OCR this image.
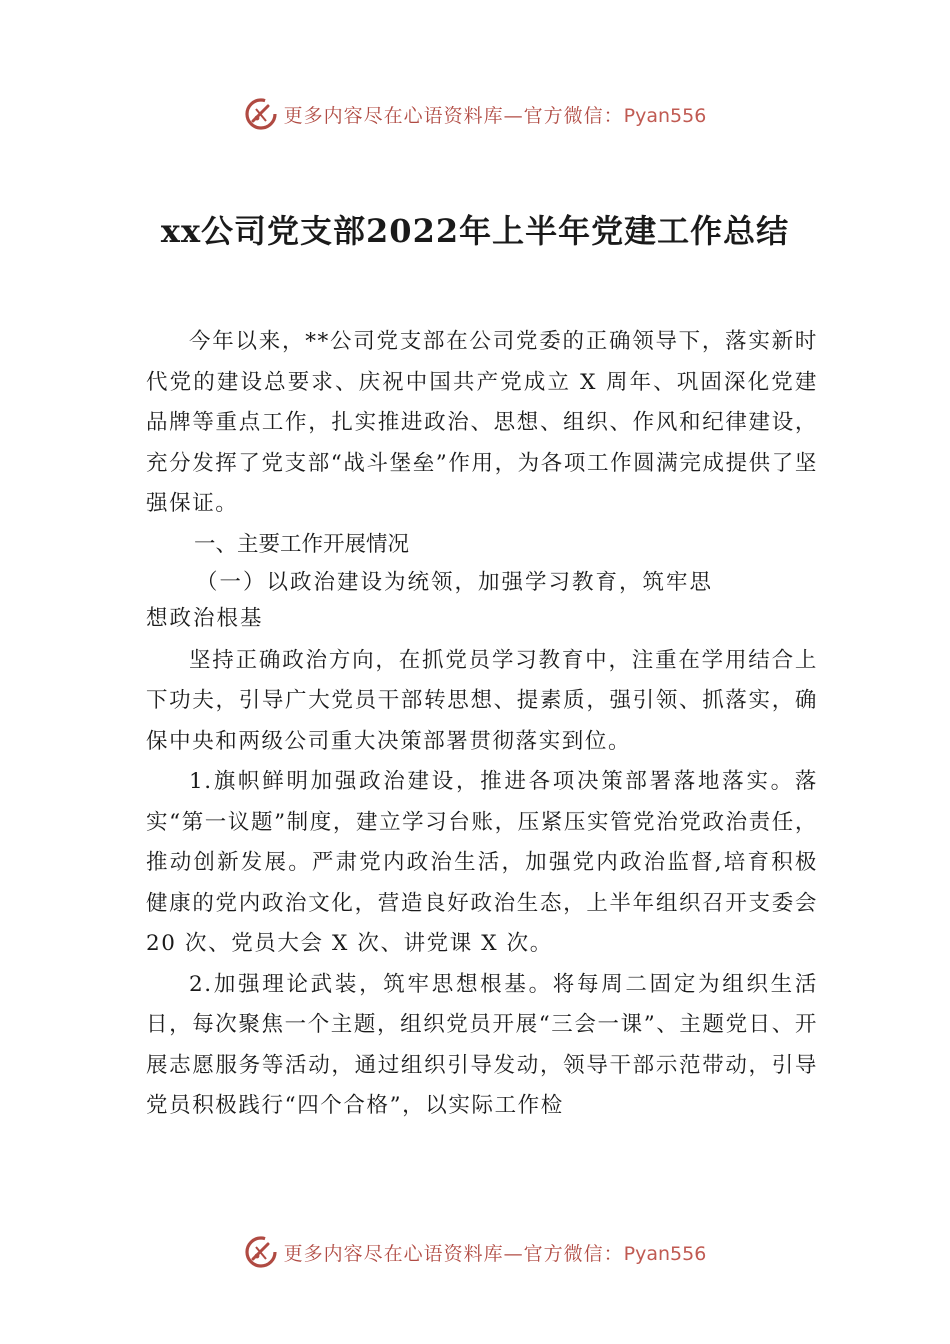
更多内容尽在心语资料库—官方微信：Pyan556
xx公司党支部2022年上半年党建工作总结

今年以来，**公司党支部在公司党委的正确领导下，落实新时代党的建设总要求、庆祝中国共产党成立 X 周年、巩固深化党建品牌等重点工作，扎实推进政治、思想、组织、作风和纪律建设，充分发挥了党支部“战斗堡垒”作用，为各项工作圆满完成提供了坚强保证。

一、主要工作开展情况

（一）以政治建设为统领，加强学习教育，筑牢思
想政治根基

坚持正确政治方向，在抓党员学习教育中，注重在学用结合上下功夫，引导广大党员干部转思想、提素质，强引领、抓落实，确保中央和两级公司重大决策部署贯彻落实到位。

1.旗帜鲜明加强政治建设，推进各项决策部署落地落实。落实“第一议题”制度，建立学习台账，压紧压实管党治党政治责任，推动创新发展。严肃党内政治生活，加强党内政治监督,培育积极健康的党内政治文化，营造良好政治生态，上半年组织召开支委会 20 次、党员大会 X 次、讲党课 X 次。

2.加强理论武装，筑牢思想根基。将每周二固定为组织生活日，每次聚焦一个主题，组织党员开展“三会一课”、主题党日、开展志愿服务等活动，通过组织引导发动，领导干部示范带动，引导党员积极践行“四个合格”，以实际工作检

更多内容尽在心语资料库—官方微信：Pyan556
